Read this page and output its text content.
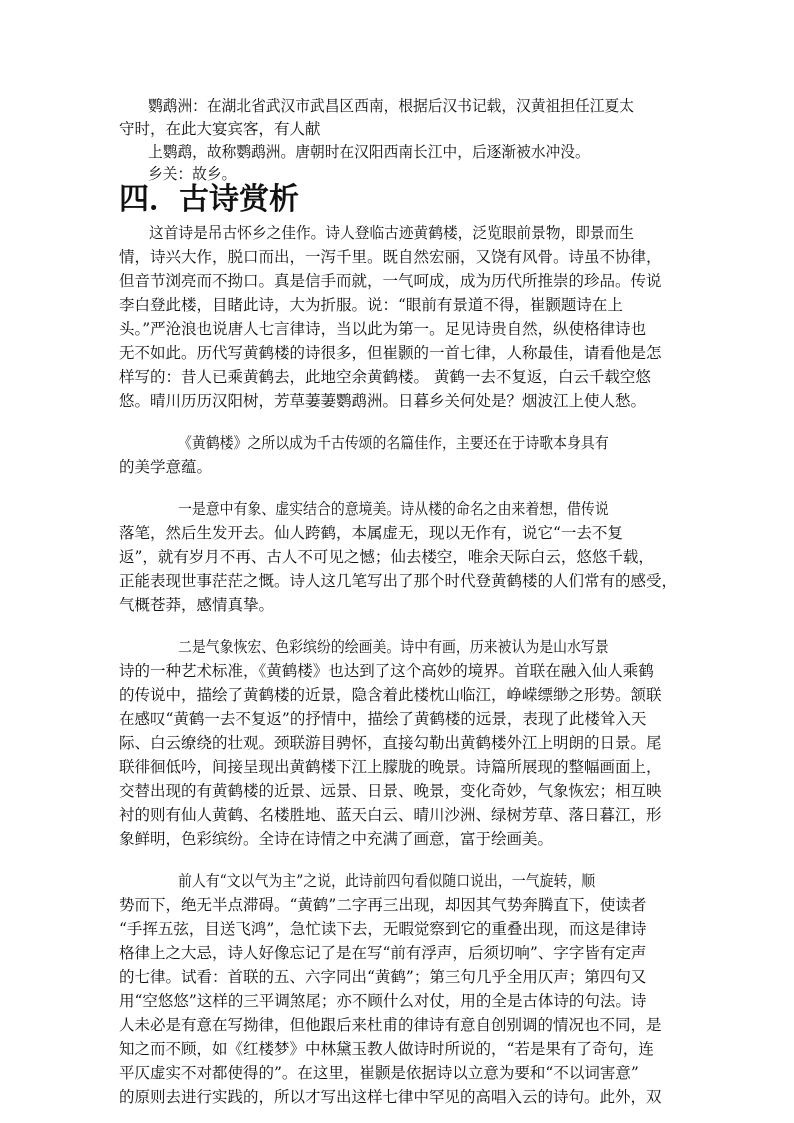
鹦鹉洲：在湖北省武汉市武昌区西南，根据后汉书记载，汉黄祖担任江夏太
守时，在此大宴宾客，有人献
上鹦鹉，故称鹦鹉洲。唐朝时在汉阳西南长江中，后逐渐被水冲没。
乡关：故乡。
四．古诗赏析
这首诗是吊古怀乡之佳作。诗人登临古迹黄鹤楼，泛览眼前景物，即景而生
情，诗兴大作，脱口而出，一泻千里。既自然宏丽，又饶有风骨。诗虽不协律，
但音节浏亮而不拗口。真是信手而就，一气呵成，成为历代所推崇的珍品。传说
李白登此楼，目睹此诗，大为折服。说：“眼前有景道不得，崔颢题诗在上
头。”严沧浪也说唐人七言律诗，当以此为第一。足见诗贵自然，纵使格律诗也
无不如此。历代写黄鹤楼的诗很多，但崔颢的一首七律，人称最佳，请看他是怎
样写的：昔人已乘黄鹤去，此地空余黄鹤楼。 黄鹤一去不复返，白云千载空悠
悠。晴川历历汉阳树，芳草萋萋鹦鹉洲。日暮乡关何处是？烟波江上使人愁。
《黄鹤楼》之所以成为千古传颂的名篇佳作，主要还在于诗歌本身具有
的美学意蕴。
一是意中有象、虚实结合的意境美。诗从楼的命名之由来着想，借传说
落笔，然后生发开去。仙人跨鹤，本属虚无，现以无作有，说它“一去不复
返”，就有岁月不再、古人不可见之憾；仙去楼空，唯余天际白云，悠悠千载，
正能表现世事茫茫之慨。诗人这几笔写出了那个时代登黄鹤楼的人们常有的感受，
气概苍莽，感情真挚。
二是气象恢宏、色彩缤纷的绘画美。诗中有画，历来被认为是山水写景
诗的一种艺术标准，《黄鹤楼》也达到了这个高妙的境界。首联在融入仙人乘鹤
的传说中，描绘了黄鹤楼的近景，隐含着此楼枕山临江，峥嵘缥缈之形势。颔联
在感叹“黄鹤一去不复返”的抒情中，描绘了黄鹤楼的远景，表现了此楼耸入天
际、白云缭绕的壮观。颈联游目骋怀，直接勾勒出黄鹤楼外江上明朗的日景。尾
联徘徊低吟，间接呈现出黄鹤楼下江上朦胧的晚景。诗篇所展现的整幅画面上，
交替出现的有黄鹤楼的近景、远景、日景、晚景，变化奇妙，气象恢宏；相互映
衬的则有仙人黄鹤、名楼胜地、蓝天白云、晴川沙洲、绿树芳草、落日暮江，形
象鲜明，色彩缤纷。全诗在诗情之中充满了画意，富于绘画美。
前人有“文以气为主”之说，此诗前四句看似随口说出，一气旋转，顺
势而下，绝无半点滞碍。“黄鹤”二字再三出现，却因其气势奔腾直下，使读者
“手挥五弦，目送飞鸿”，急忙读下去，无暇觉察到它的重叠出现，而这是律诗
格律上之大忌，诗人好像忘记了是在写“前有浮声，后须切响”、字字皆有定声
的七律。试看：首联的五、六字同出“黄鹤”；第三句几乎全用仄声；第四句又
用“空悠悠”这样的三平调煞尾；亦不顾什么对仗，用的全是古体诗的句法。诗
人未必是有意在写拗律，但他跟后来杜甫的律诗有意自创别调的情况也不同，是
知之而不顾，如《红楼梦》中林黛玉教人做诗时所说的，“若是果有了奇句，连
平仄虚实不对都使得的”。在这里，崔颢是依据诗以立意为要和“不以词害意”
的原则去进行实践的，所以才写出这样七律中罕见的高唱入云的诗句。此外，双
